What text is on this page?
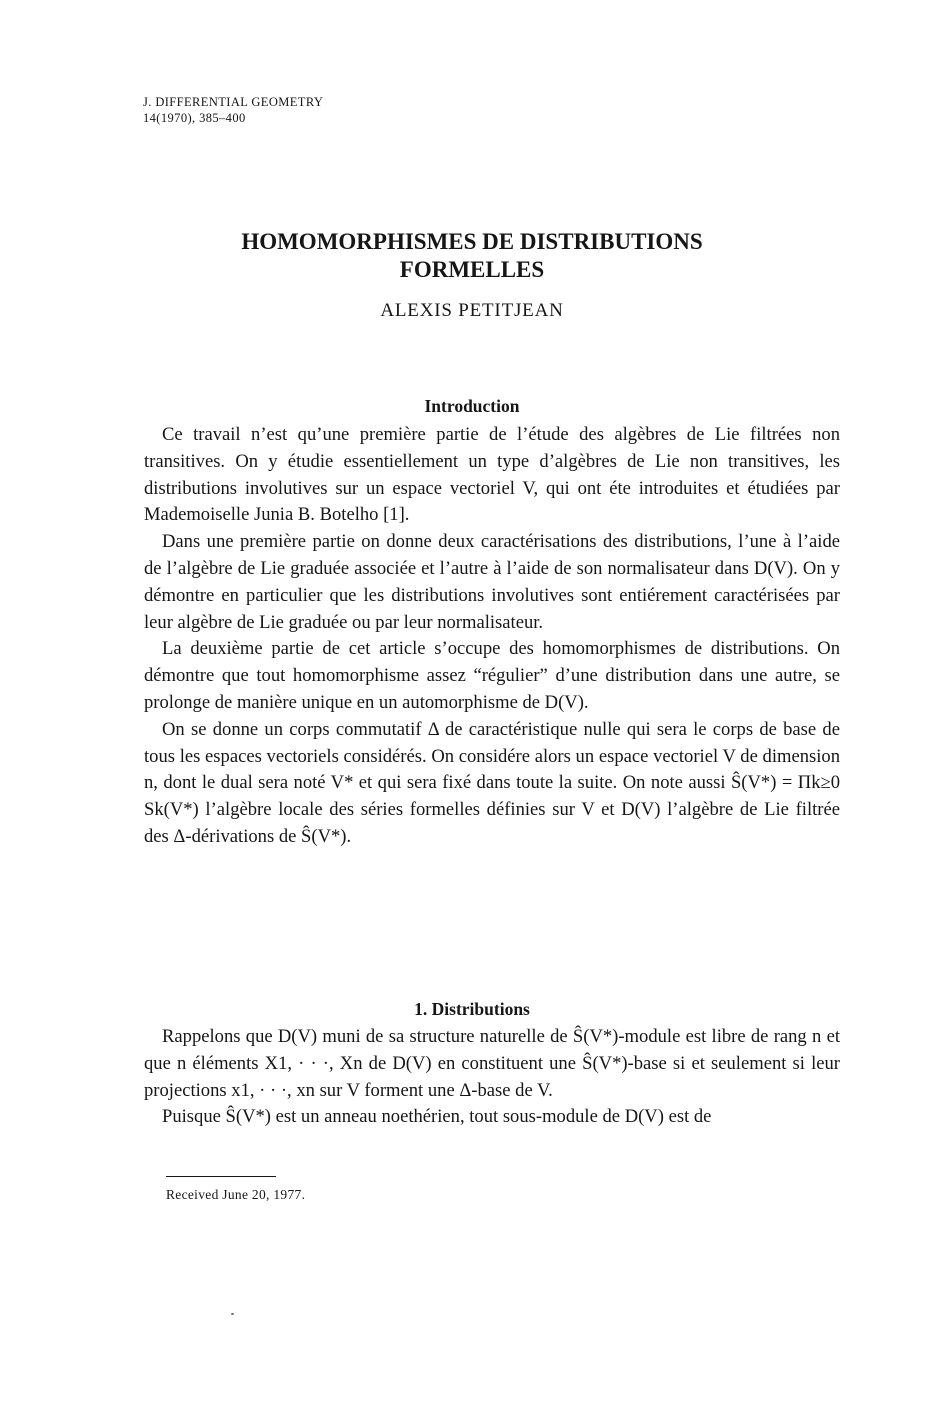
J. DIFFERENTIAL GEOMETRY
14(1970), 385–400
HOMOMORPHISMES DE DISTRIBUTIONS
FORMELLES
ALEXIS PETITJEAN
Introduction

Ce travail n’est qu’une première partie de l’étude des algèbres de Lie filtrées non transitives. On y étudie essentiellement un type d’algèbres de Lie non transitives, les distributions involutives sur un espace vectoriel V, qui ont éte introduites et étudiées par Mademoiselle Junia B. Botelho [1].

Dans une première partie on donne deux caractérisations des distributions, l’une à l’aide de l’algèbre de Lie graduée associée et l’autre à l’aide de son normalisateur dans D(V). On y démontre en particulier que les distributions involutives sont entiérement caractérisées par leur algèbre de Lie graduée ou par leur normalisateur.

La deuxième partie de cet article s’occupe des homomorphismes de distributions. On démontre que tout homomorphisme assez “régulier” d’une distribution dans une autre, se prolonge de manière unique en un automorphisme de D(V).

On se donne un corps commutatif Δ de caractéristique nulle qui sera le corps de base de tous les espaces vectoriels considérés. On considére alors un espace vectoriel V de dimension n, dont le dual sera noté V* et qui sera fixé dans toute la suite. On note aussi Ŝ(V*) = Πk≥0 Sk(V*) l’algèbre locale des séries formelles définies sur V et D(V) l’algèbre de Lie filtrée des Δ-dérivations de Ŝ(V*).

1. Distributions

Rappelons que D(V) muni de sa structure naturelle de Ŝ(V*)-module est libre de rang n et que n éléments X1, · · ·, Xn de D(V) en constituent une Ŝ(V*)-base si et seulement si leur projections x1, · · ·, xn sur V forment une Δ-base de V.

Puisque Ŝ(V*) est un anneau noethérien, tout sous-module de D(V) est de

Received June 20, 1977.
